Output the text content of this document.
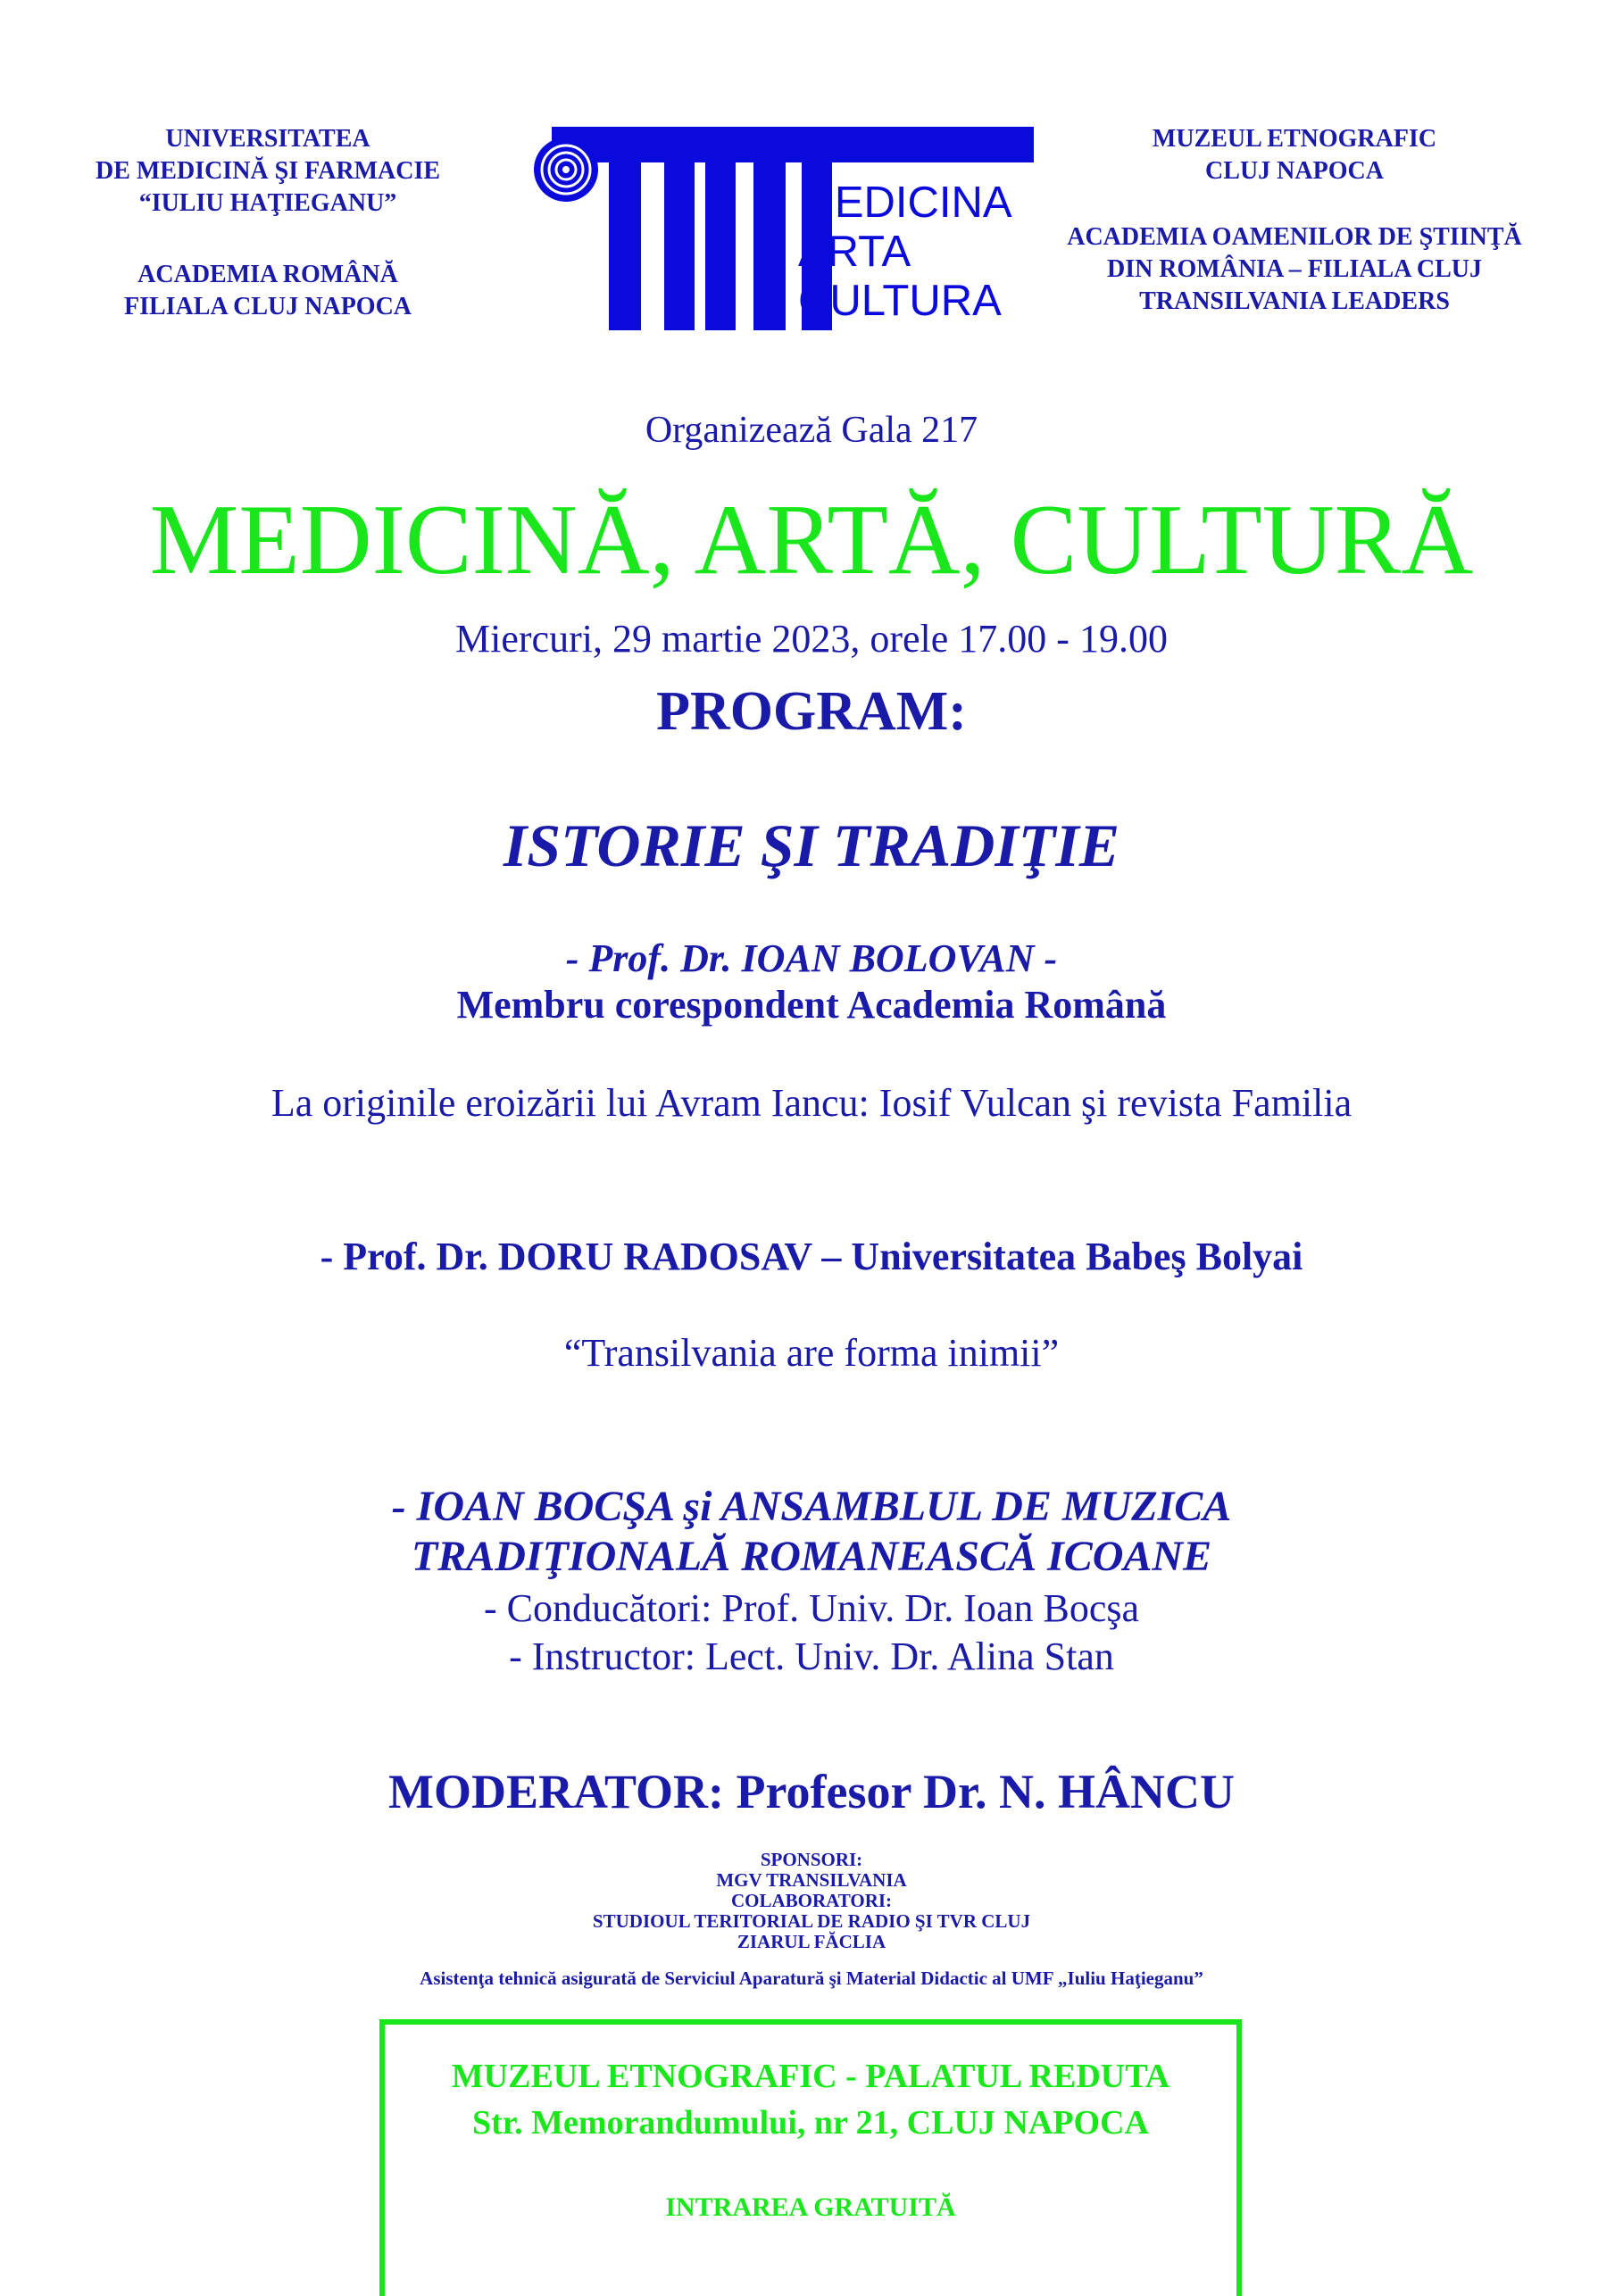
UNIVERSITATEA
DE MEDICINĂ ŞI FARMACIE
“IULIU HAŢIEGANU”
ACADEMIA ROMÂNĂ
FILIALA CLUJ NAPOCA
MEDICINA
ARTA
CULTURA
MUZEUL ETNOGRAFIC
CLUJ NAPOCA
ACADEMIA OAMENILOR DE ŞTIINŢĂ
DIN ROMÂNIA – FILIALA CLUJ
TRANSILVANIA LEADERS
Organizează Gala 217
MEDICINĂ, ARTĂ, CULTURĂ
Miercuri, 29 martie 2023, orele 17.00 - 19.00
PROGRAM:
ISTORIE ŞI TRADIŢIE
- Prof. Dr. IOAN BOLOVAN -
Membru corespondent Academia Română
La originile eroizării lui Avram Iancu: Iosif Vulcan şi revista Familia
- Prof. Dr. DORU RADOSAV – Universitatea Babeş Bolyai
“Transilvania are forma inimii”
- IOAN BOCŞA şi ANSAMBLUL DE MUZICA
TRADIŢIONALĂ ROMANEASCĂ ICOANE
- Conducători: Prof. Univ. Dr. Ioan Bocşa
- Instructor: Lect. Univ. Dr. Alina Stan
MODERATOR: Profesor Dr. N. HÂNCU
SPONSORI:
MGV TRANSILVANIA
COLABORATORI:
STUDIOUL TERITORIAL DE RADIO ŞI TVR CLUJ
ZIARUL FĂCLIA
Asistenţa tehnică asigurată de Serviciul Aparatură şi Material Didactic al UMF „Iuliu Haţieganu”
MUZEUL ETNOGRAFIC - PALATUL REDUTA
Str. Memorandumului, nr 21, CLUJ NAPOCA
INTRAREA GRATUITĂ
